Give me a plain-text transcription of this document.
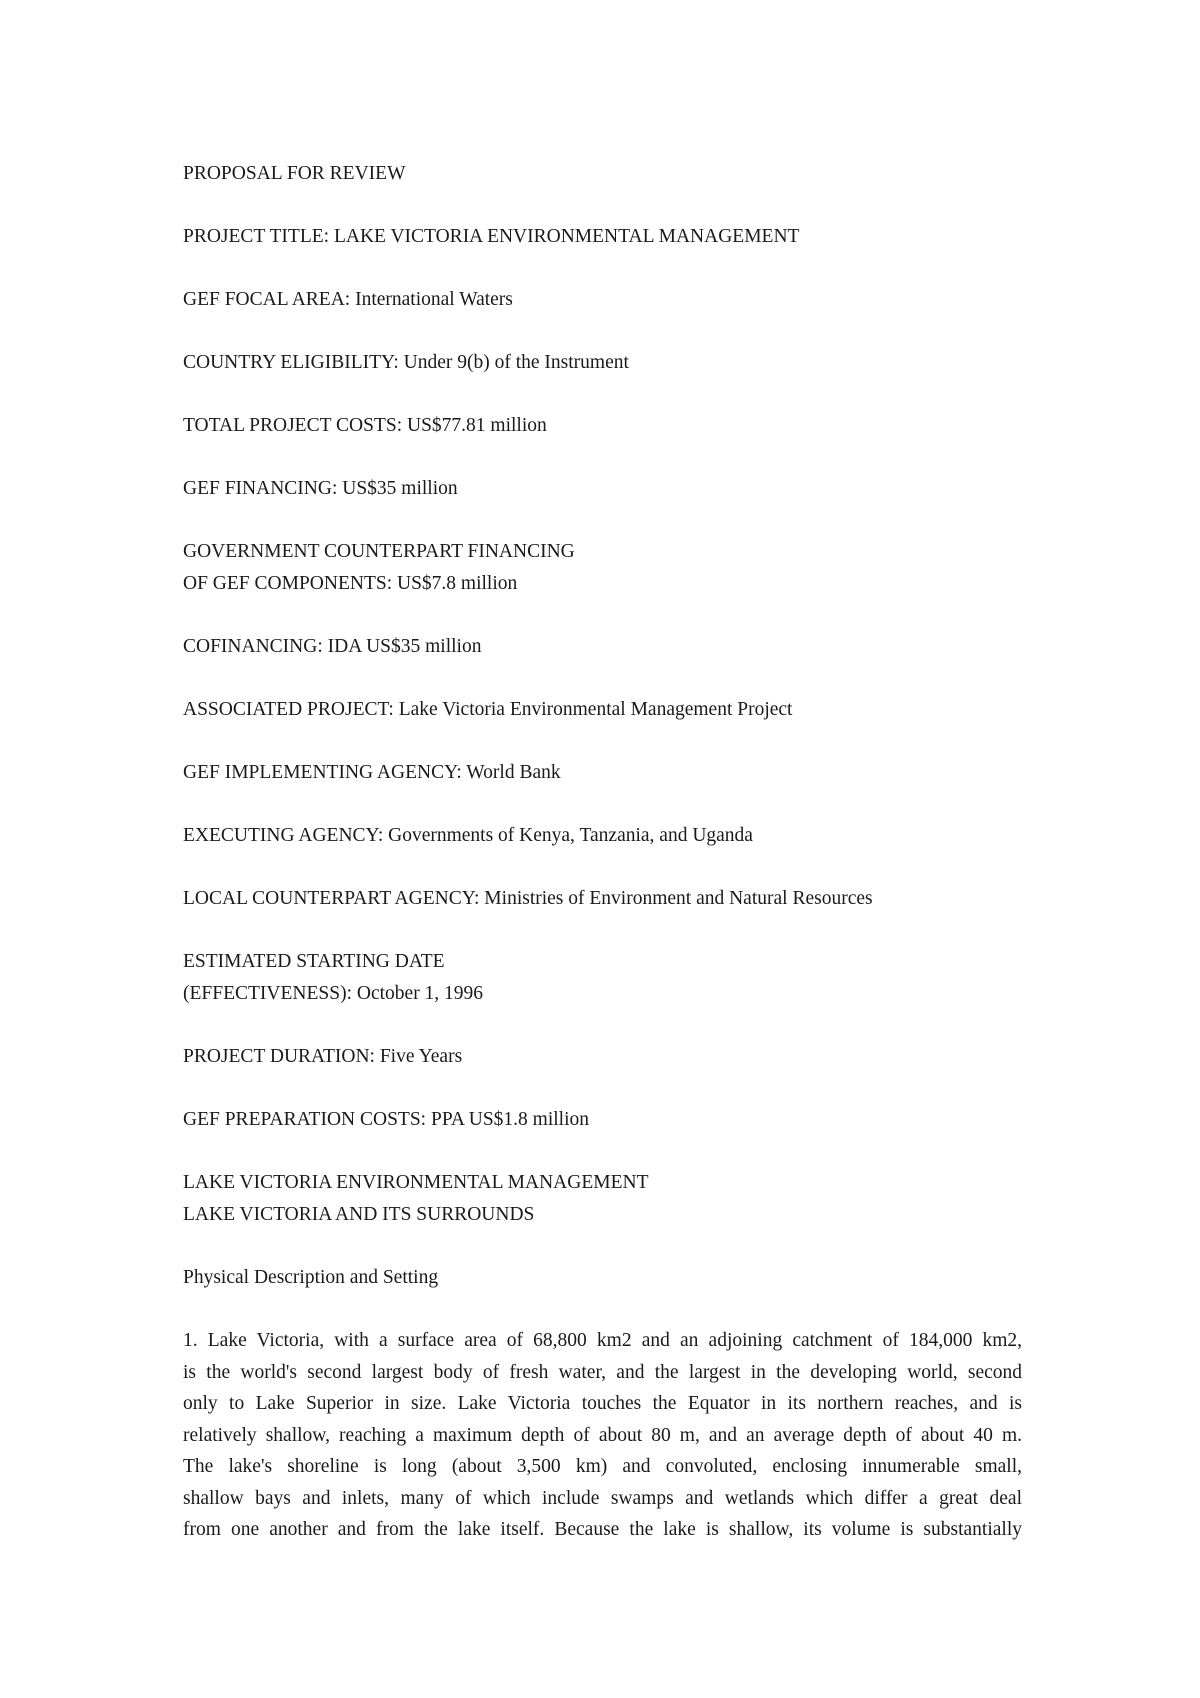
PROPOSAL FOR REVIEW
PROJECT TITLE: LAKE VICTORIA ENVIRONMENTAL MANAGEMENT
GEF FOCAL AREA: International Waters
COUNTRY ELIGIBILITY: Under 9(b) of the Instrument
TOTAL PROJECT COSTS: US$77.81 million
GEF FINANCING: US$35 million
GOVERNMENT COUNTERPART FINANCING
OF GEF COMPONENTS: US$7.8 million
COFINANCING: IDA US$35 million
ASSOCIATED PROJECT: Lake Victoria Environmental Management Project
GEF IMPLEMENTING AGENCY: World Bank
EXECUTING AGENCY: Governments of Kenya, Tanzania, and Uganda
LOCAL COUNTERPART AGENCY: Ministries of Environment and Natural Resources
ESTIMATED STARTING DATE
(EFFECTIVENESS): October 1, 1996
PROJECT DURATION: Five Years
GEF PREPARATION COSTS: PPA US$1.8 million
LAKE VICTORIA ENVIRONMENTAL MANAGEMENT
LAKE VICTORIA AND ITS SURROUNDS
Physical Description and Setting
1. Lake Victoria, with a surface area of 68,800 km2 and an adjoining catchment of 184,000 km2,
is the world's second largest body of fresh water, and the largest in the developing world, second
only to Lake Superior in size. Lake Victoria touches the Equator in its northern reaches, and is
relatively shallow, reaching a maximum depth of about 80 m, and an average depth of about 40 m.
The lake's shoreline is long (about 3,500 km) and convoluted, enclosing innumerable small,
shallow bays and inlets, many of which include swamps and wetlands which differ a great deal
from one another and from the lake itself. Because the lake is shallow, its volume is substantially
